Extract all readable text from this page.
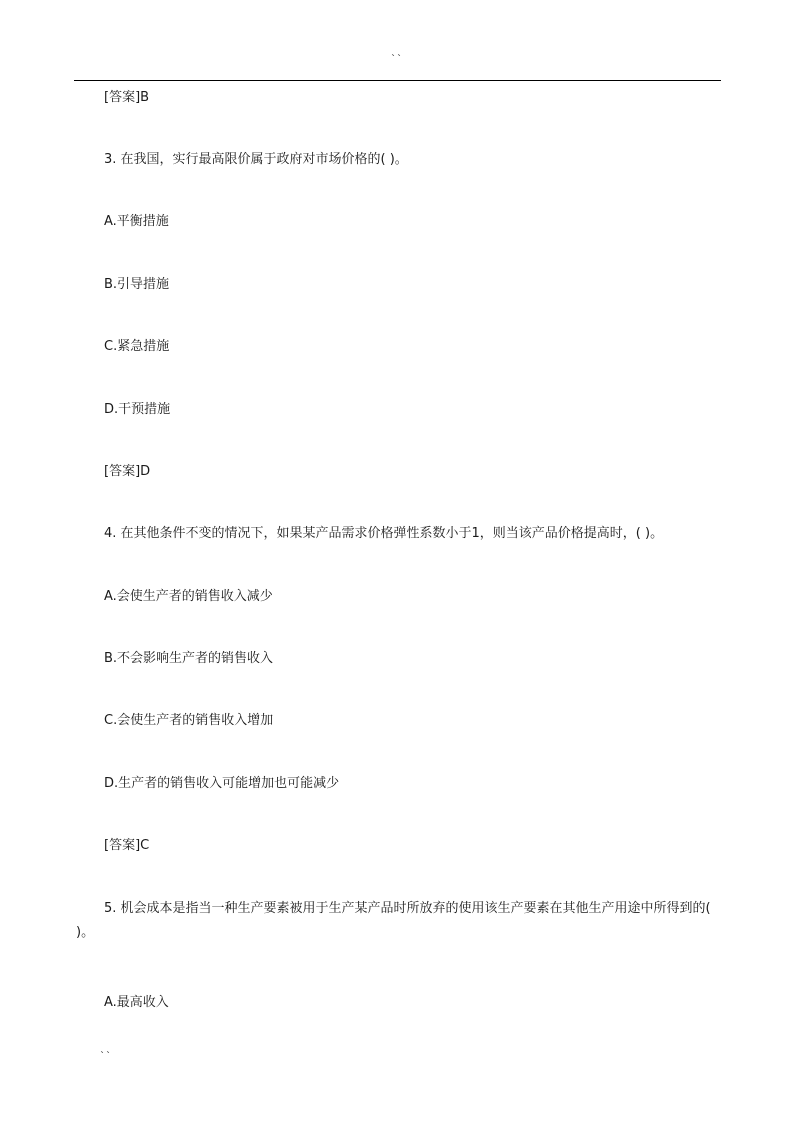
``
[答案]B
3. 在我国，实行最高限价属于政府对市场价格的( )。
A.平衡措施
B.引导措施
C.紧急措施
D.干预措施
[答案]D
4. 在其他条件不变的情况下，如果某产品需求价格弹性系数小于1，则当该产品价格提高时，( )。
A.会使生产者的销售收入减少
B.不会影响生产者的销售收入
C.会使生产者的销售收入增加
D.生产者的销售收入可能增加也可能减少
[答案]C
5. 机会成本是指当一种生产要素被用于生产某产品时所放弃的使用该生产要素在其他生产用途中所得到的( )。
A.最高收入
``
